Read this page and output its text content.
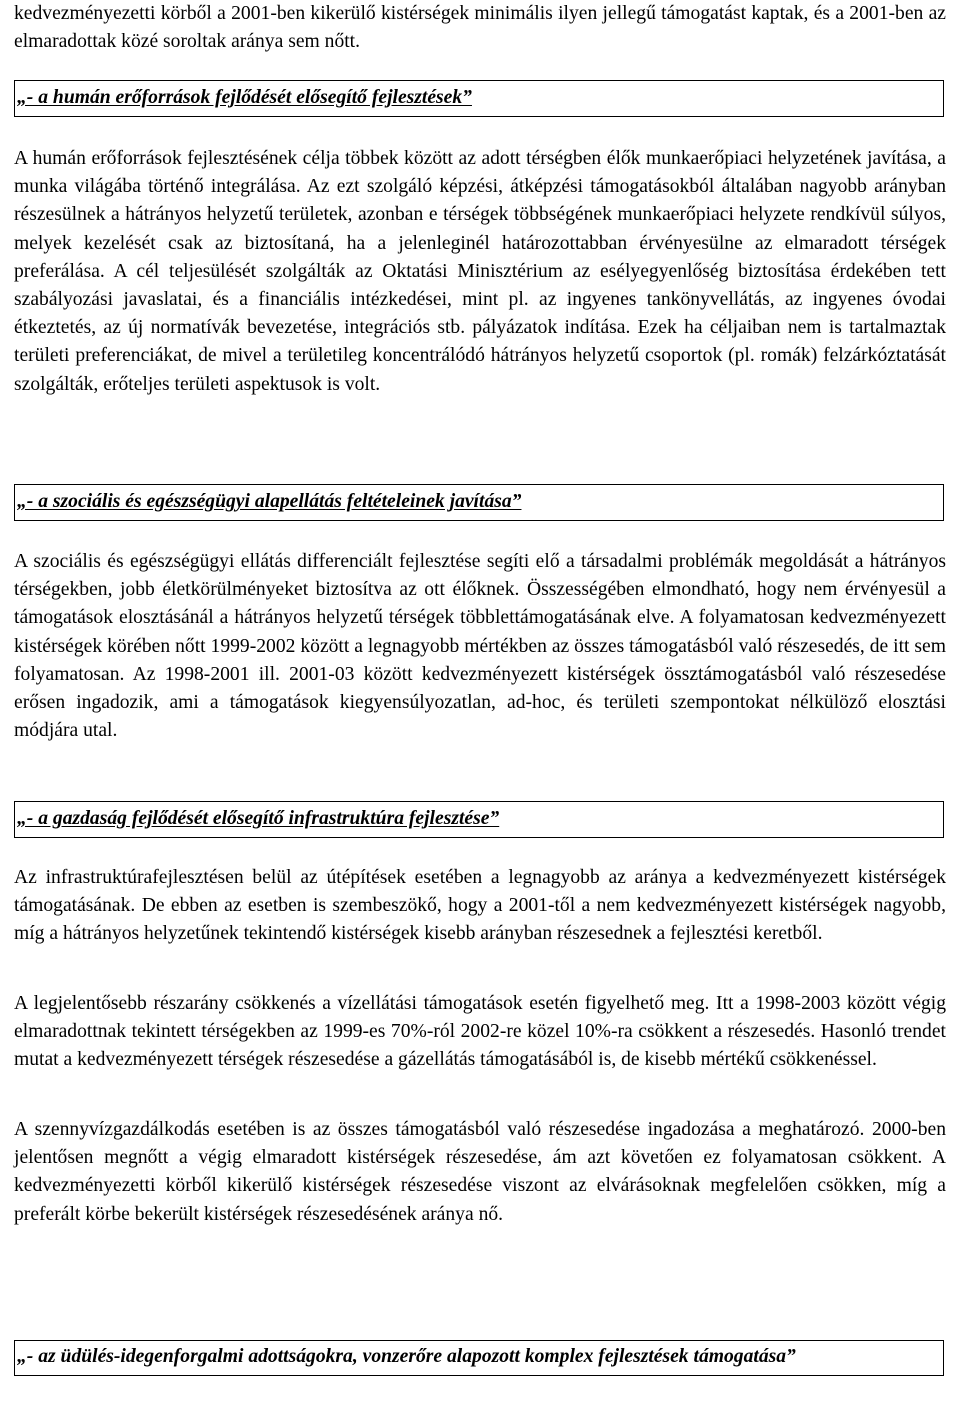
kedvezményezetti körből a 2001-ben kikerülő kistérségek minimális ilyen jellegű támogatást kaptak, és a 2001-ben az elmaradottak közé soroltak aránya sem nőtt.

„- a humán erőforrások fejlődését elősegítő fejlesztések”

A humán erőforrások fejlesztésének célja többek között az adott térségben élők munkaerőpiaci helyzetének javítása, a munka világába történő integrálása. Az ezt szolgáló képzési, átképzési támogatásokból általában nagyobb arányban részesülnek a hátrányos helyzetű területek, azonban e térségek többségének munkaerőpiaci helyzete rendkívül súlyos, melyek kezelését csak az biztosítaná, ha a jelenleginél határozottabban érvényesülne az elmaradott térségek preferálása. A cél teljesülését szolgálták az Oktatási Minisztérium az esélyegyenlőség biztosítása érdekében tett szabályozási javaslatai, és a financiális intézkedései, mint pl. az ingyenes tankönyvellátás, az ingyenes óvodai étkeztetés, az új normatívák bevezetése, integrációs stb. pályázatok indítása. Ezek ha céljaiban nem is tartalmaztak területi preferenciákat, de mivel a területileg koncentrálódó hátrányos helyzetű csoportok (pl. romák) felzárkóztatását szolgálták, erőteljes területi aspektusok is volt.

„- a szociális és egészségügyi alapellátás feltételeinek javítása”

A szociális és egészségügyi ellátás differenciált fejlesztése segíti elő a társadalmi problémák megoldását a hátrányos térségekben, jobb életkörülményeket biztosítva az ott élőknek. Összességében elmondható, hogy nem érvényesül a támogatások elosztásánál a hátrányos helyzetű térségek többlettámogatásának elve. A folyamatosan kedvezményezett kistérségek körében nőtt 1999-2002 között a legnagyobb mértékben az összes támogatásból való részesedés, de itt sem folyamatosan. Az 1998-2001 ill. 2001-03 között kedvezményezett kistérségek össztámogatásból való részesedése erősen ingadozik, ami a támogatások kiegyensúlyozatlan, ad-hoc, és területi szempontokat nélkülöző elosztási módjára utal.

„- a gazdaság fejlődését elősegítő infrastruktúra fejlesztése”

Az infrastruktúrafejlesztésen belül az útépítések esetében a legnagyobb az aránya a kedvezményezett kistérségek támogatásának. De ebben az esetben is szembeszökő, hogy a 2001-től a nem kedvezményezett kistérségek nagyobb, míg a hátrányos helyzetűnek tekintendő kistérségek kisebb arányban részesednek a fejlesztési keretből.

A legjelentősebb részarány csökkenés a vízellátási támogatások esetén figyelhető meg. Itt a 1998-2003 között végig elmaradottnak tekintett térségekben az 1999-es 70%-ról 2002-re közel 10%-ra csökkent a részesedés. Hasonló trendet mutat a kedvezményezett térségek részesedése a gázellátás támogatásából is, de kisebb mértékű csökkenéssel.

A szennyvízgazdálkodás esetében is az összes támogatásból való részesedése ingadozása a meghatározó. 2000-ben jelentősen megnőtt a végig elmaradott kistérségek részesedése, ám azt követően ez folyamatosan csökkent. A kedvezményezetti körből kikerülő kistérségek részesedése viszont az elvárásoknak megfelelően csökken, míg a preferált körbe bekerült kistérségek részesedésének aránya nő.

„- az üdülés-idegenforgalmi adottságokra, vonzerőre alapozott komplex fejlesztések támogatása”
